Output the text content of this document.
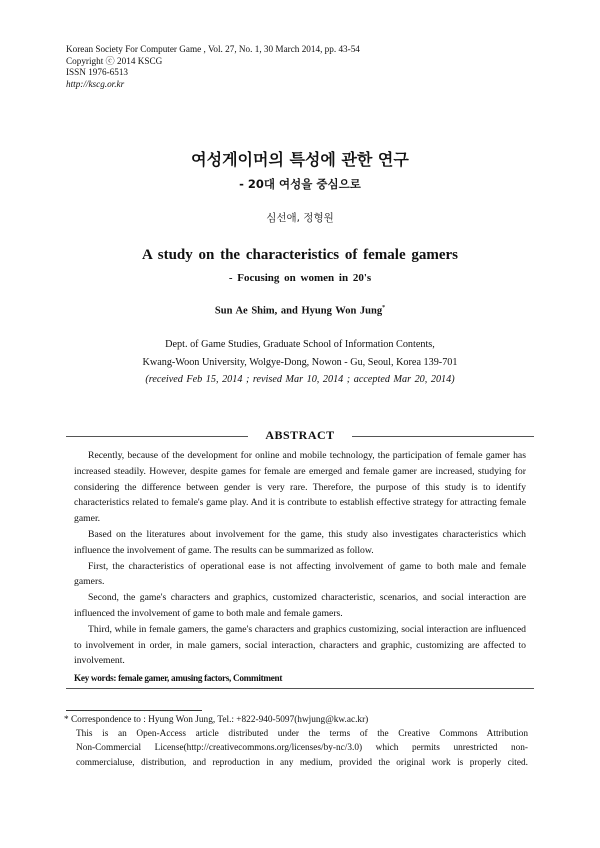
Korean Society For Computer Game , Vol. 27, No. 1, 30 March 2014, pp. 43-54
Copyright ⓒ 2014 KSCG
ISSN 1976-6513
http://kscg.or.kr
여성게이머의 특성에 관한 연구
- 20대 여성을 중심으로
심선애, 정형원
A study on the characteristics of female gamers
- Focusing on women in 20's
Sun Ae Shim, and Hyung Won Jung*
Dept. of Game Studies, Graduate School of Information Contents,
Kwang-Woon University, Wolgye-Dong, Nowon - Gu, Seoul, Korea 139-701
(received Feb 15, 2014 ; revised Mar 10, 2014 ; accepted Mar 20, 2014)
ABSTRACT

Recently, because of the development for online and mobile technology, the participation of female gamer has increased steadily. However, despite games for female are emerged and female gamer are increased, studying for considering the difference between gender is very rare. Therefore, the purpose of this study is to identify characteristics related to female's game play. And it is contribute to establish effective strategy for attracting female gamer.

Based on the literatures about involvement for the game, this study also investigates characteristics which influence the involvement of game. The results can be summarized as follow.

First, the characteristics of operational ease is not affecting involvement of game to both male and female gamers.

Second, the game's characters and graphics, customized characteristic, scenarios, and social interaction are influenced the involvement of game to both male and female gamers.

Third, while in female gamers, the game's characters and graphics customizing, social interaction are influenced to involvement in order, in male gamers, social interaction, characters and graphic, customizing are affected to involvement.

Key words: female gamer, amusing factors, Commitment
* Correspondence to : Hyung Won Jung, Tel.: +822-940-5097(hwjung@kw.ac.kr)
This is an Open-Access article distributed under the terms of the Creative Commons Attribution
Non-Commercial License(http://creativecommons.org/licenses/by-nc/3.0) which permits unrestricted non-
commercialuse, distribution, and reproduction in any medium, provided the original work is properly cited.
